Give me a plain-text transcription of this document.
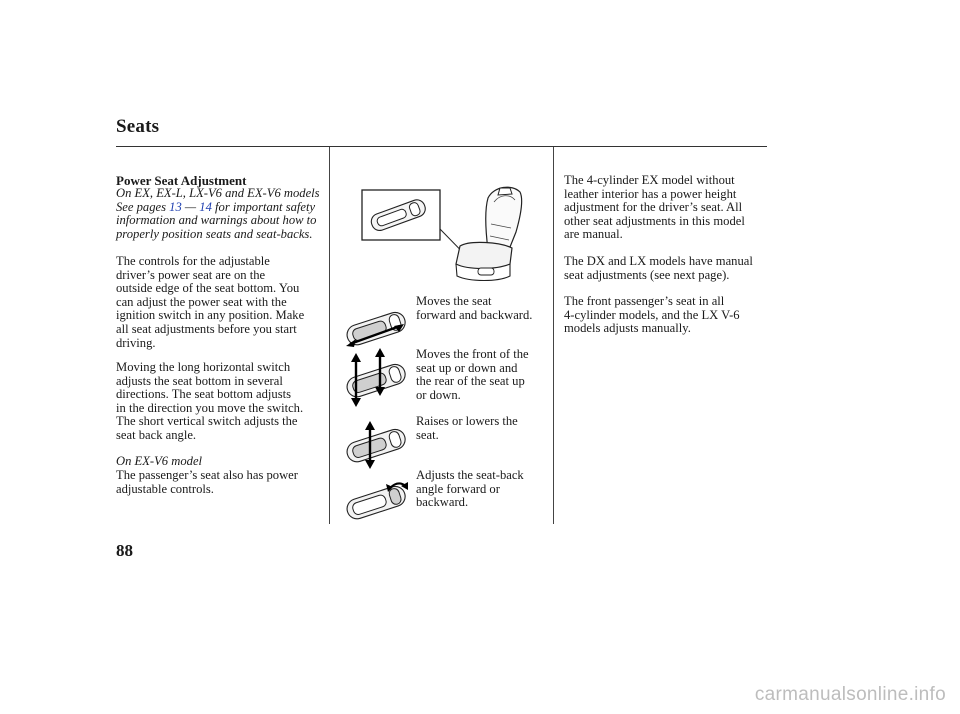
Seats
Power Seat Adjustment
On EX, EX-L, LX-V6 and EX-V6 models
See pages 13 — 14 for important safety
information and warnings about how to
properly position seats and seat-backs.
The controls for the adjustable
driver’s power seat are on the
outside edge of the seat bottom. You
can adjust the power seat with the
ignition switch in any position. Make
all seat adjustments before you start
driving.
Moving the long horizontal switch
adjusts the seat bottom in several
directions. The seat bottom adjusts
in the direction you move the switch.
The short vertical switch adjusts the
seat back angle.
On EX-V6 model
The passenger’s seat also has power
adjustable controls.
Moves the seat
forward and backward.
Moves the front of the
seat up or down and
the rear of the seat up
or down.
Raises or lowers the
seat.
Adjusts the seat-back
angle forward or
backward.
The 4-cylinder EX model without
leather interior has a power height
adjustment for the driver’s seat. All
other seat adjustments in this model
are manual.
The DX and LX models have manual
seat adjustments (see next page).
The front passenger’s seat in all
4-cylinder models, and the LX V-6
models adjusts manually.
88
carmanualsonline.info
